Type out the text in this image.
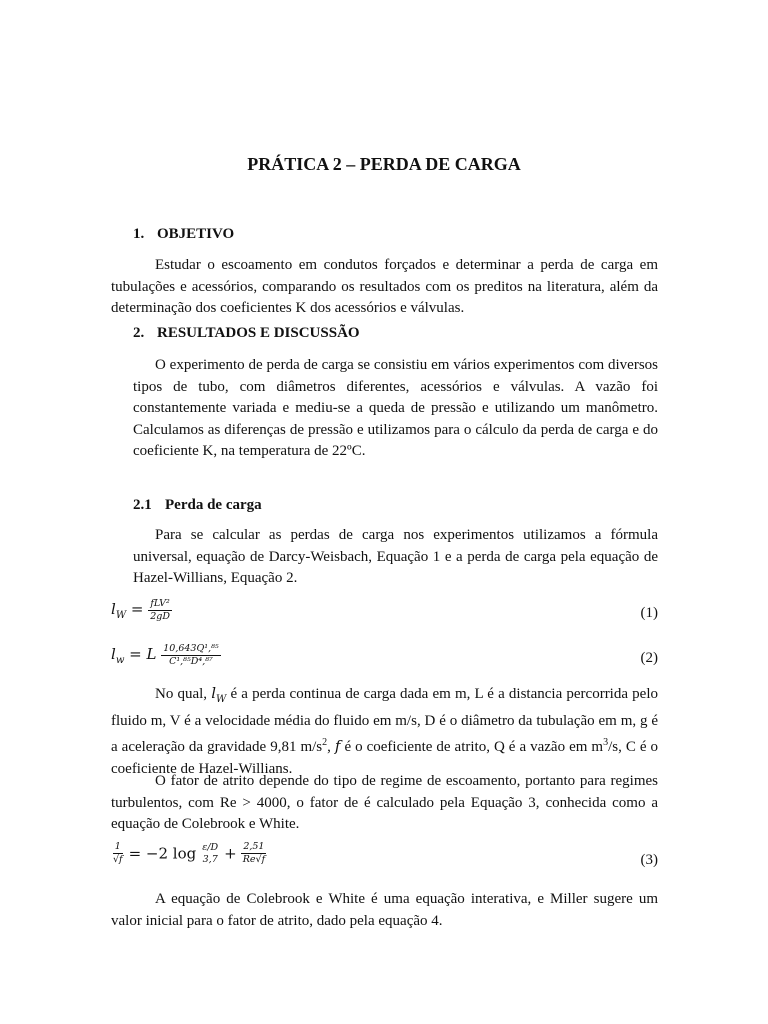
PRÁTICA 2 – PERDA DE CARGA
1. OBJETIVO

Estudar o escoamento em condutos forçados e determinar a perda de carga em tubulações e acessórios, comparando os resultados com os preditos na literatura, além da determinação dos coeficientes K dos acessórios e válvulas.

2. RESULTADOS E DISCUSSÃO

O experimento de perda de carga se consistiu em vários experimentos com diversos tipos de tubo, com diâmetros diferentes, acessórios e válvulas. A vazão foi constantemente variada e mediu-se a queda de pressão e utilizando um manômetro. Calculamos as diferenças de pressão e utilizamos para o cálculo da perda de carga e do coeficiente K, na temperatura de 22ºC.

2.1 Perda de carga

Para se calcular as perdas de carga nos experimentos utilizamos a fórmula universal, equação de Darcy-Weisbach, Equação 1 e a perda de carga pela equação de Hazel-Willians, Equação 2.

$l_W = \frac{\text{fLV²}}{2gD}$	(1)
$l_w = L \frac{\text{10,643Q¹,⁸⁵}}{\text{C¹,⁸⁵D⁴,⁸⁷}}$	(2)

No qual, $l_W$ é a perda continua de carga dada em m, L é a distancia percorrida pelo fluido m, V é a velocidade média do fluido em m/s, D é o diâmetro da tubulação em m, g é a aceleração da gravidade 9,81 $m/s^2$, f é o coeficiente de atrito, Q é a vazão em $m^3/s$, C é o coeficiente de Hazel-Willians.

O fator de atrito depende do tipo de regime de escoamento, portanto para regimes turbulentos, com Re > 4000, o fator de é calculado pela Equação 3, conhecida como a equação de Colebrook e White.

$\frac{1}{√f} = -2$ log ε/D
$3,7 + \frac{2,51}{Re√f}$	(3)

A equação de Colebrook e White é uma equação interativa, e Miller sugere um valor inicial para o fator de atrito, dado pela equação 4.
